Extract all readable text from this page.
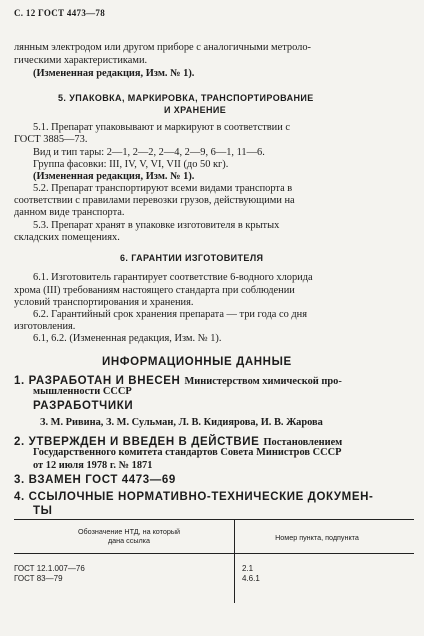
С. 12 ГОСТ 4473—78
лянным электродом или другом приборе с аналогичными метроло-
гическими характеристиками.
(Измененная редакция, Изм. № 1).
5. УПАКОВКА, МАРКИРОВКА, ТРАНСПОРТИРОВАНИЕ
И ХРАНЕНИЕ
5.1. Препарат упаковывают и маркируют в соответствии с
ГОСТ 3885—73.
Вид и тип тары: 2—1, 2—2, 2—4, 2—9, 6—1, 11—6.
Группа фасовки: III, IV, V, VI, VII (до 50 кг).
(Измененная редакция, Изм. № 1).
5.2. Препарат транспортируют всеми видами транспорта в
соответствии с правилами перевозки грузов, действующими на
данном виде транспорта.
5.3. Препарат хранят в упаковке изготовителя в крытых
складских помещениях.
6. ГАРАНТИИ ИЗГОТОВИТЕЛЯ
6.1. Изготовитель гарантирует соответствие 6-водного хлорида
хрома (III) требованиям настоящего стандарта при соблюдении
условий транспортирования и хранения.
6.2. Гарантийный срок хранения препарата — три года со дня
изготовления.
6.1, 6.2. (Измененная редакция, Изм. № 1).
ИНФОРМАЦИОННЫЕ ДАННЫЕ
1. РАЗРАБОТАН И ВНЕСЕН Министерством химической про-
мышленности СССР
РАЗРАБОТЧИКИ
З. М. Ривина, З. М. Сульман, Л. В. Кидиярова, И. В. Жарова
2. УТВЕРЖДЕН И ВВЕДЕН В ДЕЙСТВИЕ Постановлением
Государственного комитета стандартов Совета Министров СССР
от 12 июля 1978 г. № 1871
3. ВЗАМЕН ГОСТ 4473—69
4. ССЫЛОЧНЫЕ НОРМАТИВНО-ТЕХНИЧЕСКИЕ ДОКУМЕН-
ТЫ
Обозначение НТД, на который
дана ссылка	Номер пункта, подпункта
ГОСТ 12.1.007—76	2.1
ГОСТ 83—79	4.6.1
